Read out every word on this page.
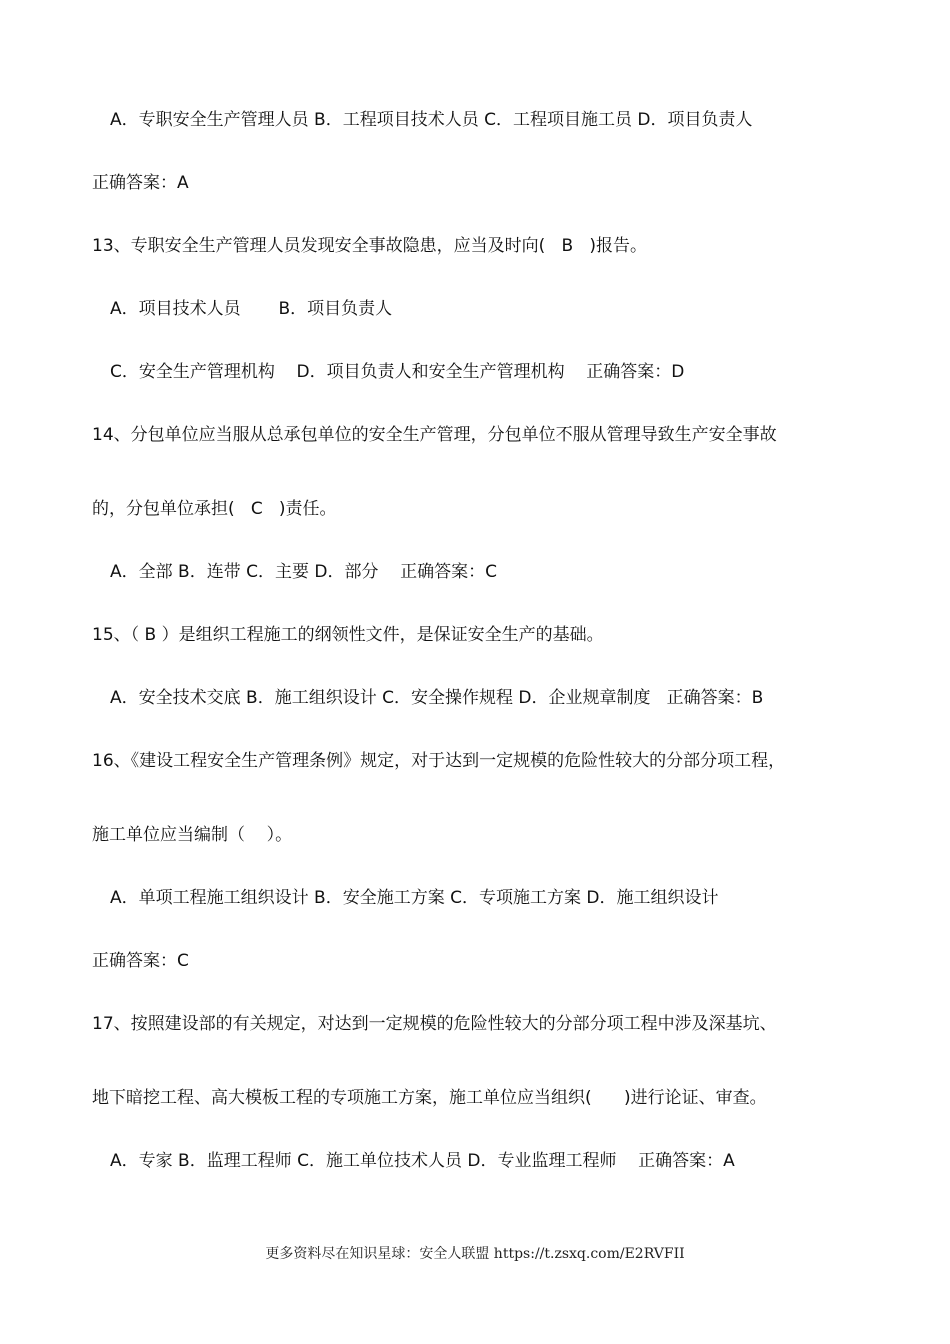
A．专职安全生产管理人员 B．工程项目技术人员 C．工程项目施工员 D．项目负责人
正确答案：A
13、专职安全生产管理人员发现安全事故隐患，应当及时向(   B   )报告。
A．项目技术人员       B．项目负责人
C．安全生产管理机构    D．项目负责人和安全生产管理机构    正确答案：D
14、分包单位应当服从总承包单位的安全生产管理，分包单位不服从管理导致生产安全事故
的，分包单位承担(   C   )责任。
A．全部 B．连带 C．主要 D．部分    正确答案：C
15、（ B ）是组织工程施工的纲领性文件，是保证安全生产的基础。
A．安全技术交底 B．施工组织设计 C．安全操作规程 D．企业规章制度   正确答案：B
16、《建设工程安全生产管理条例》规定，对于达到一定规模的危险性较大的分部分项工程，
施工单位应当编制（    ）。
A．单项工程施工组织设计 B．安全施工方案 C．专项施工方案 D．施工组织设计
正确答案：C
17、按照建设部的有关规定，对达到一定规模的危险性较大的分部分项工程中涉及深基坑、
地下暗挖工程、高大模板工程的专项施工方案，施工单位应当组织(      )进行论证、审查。
A．专家 B．监理工程师 C．施工单位技术人员 D．专业监理工程师    正确答案：A
更多资料尽在知识星球：安全人联盟 https://t.zsxq.com/E2RVFII
